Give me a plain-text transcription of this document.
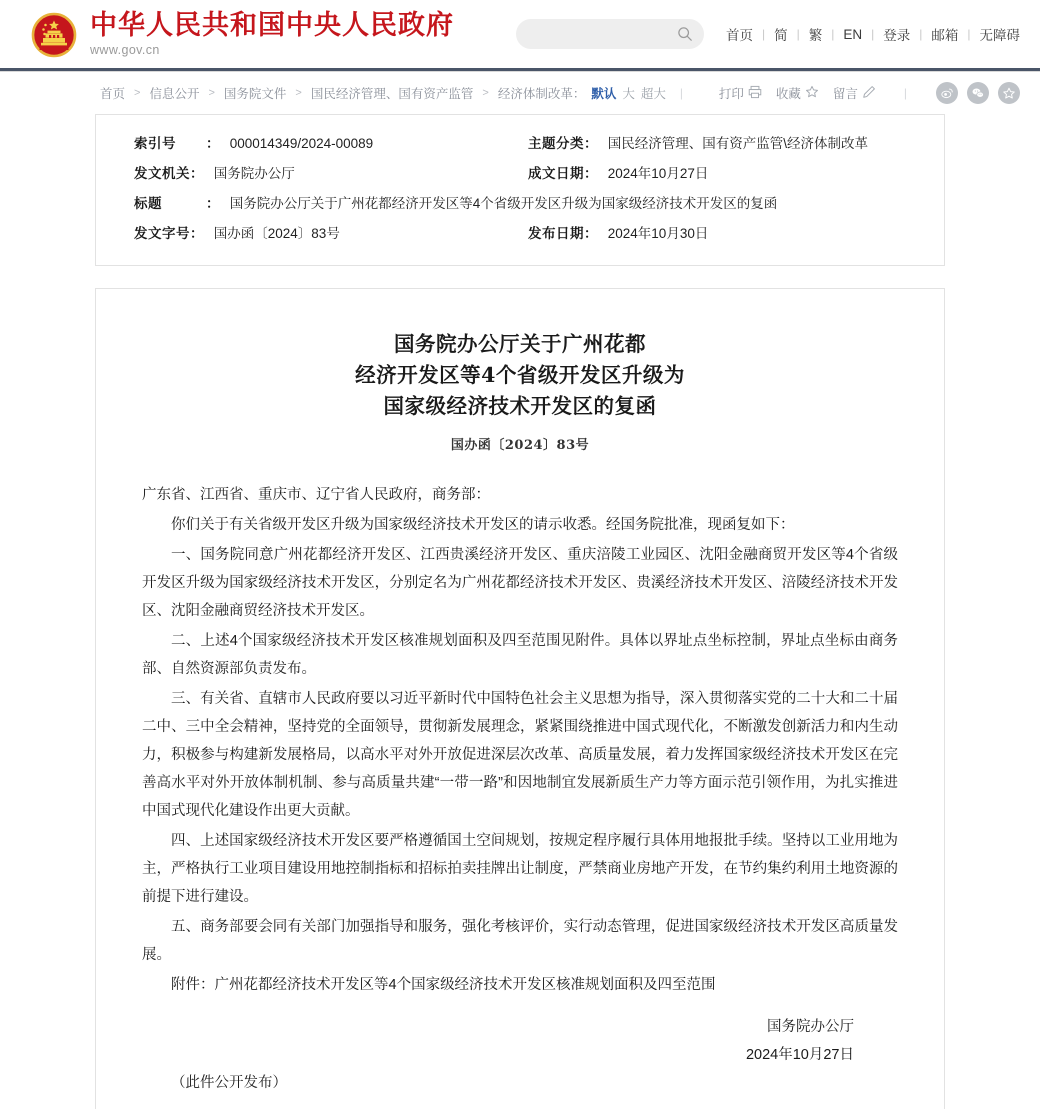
中华人民共和国中央人民政府
www.gov.cn
首页 | 简 | 繁 | EN | 登录 | 邮箱 | 无障碍
首页 > 信息公开 > 国务院文件 > 国民经济管理、国有资产监管 > 经济体制改革： 默认 大 超大 |	打印	收藏	留言	|
索引号 ： 000014349/2024-00089	主题分类： 国民经济管理、国有资产监管\经济体制改革
发文机关： 国务院办公厅	成文日期： 2024年10月27日
标题 ： 国务院办公厅关于广州花都经济开发区等4个省级开发区升级为国家级经济技术开发区的复函	
发文字号： 国办函〔2024〕83号	发布日期： 2024年10月30日
国务院办公厅关于广州花都
经济开发区等4个省级开发区升级为
国家级经济技术开发区的复函
国办函〔2024〕83号

广东省、江西省、重庆市、辽宁省人民政府，商务部：

你们关于有关省级开发区升级为国家级经济技术开发区的请示收悉。经国务院批准，现函复如下：

一、国务院同意广州花都经济开发区、江西贵溪经济开发区、重庆涪陵工业园区、沈阳金融商贸开发区等4个省级开发区升级为国家级经济技术开发区，分别定名为广州花都经济技术开发区、贵溪经济技术开发区、涪陵经济技术开发区、沈阳金融商贸经济技术开发区。

二、上述4个国家级经济技术开发区核准规划面积及四至范围见附件。具体以界址点坐标控制，界址点坐标由商务部、自然资源部负责发布。

三、有关省、直辖市人民政府要以习近平新时代中国特色社会主义思想为指导，深入贯彻落实党的二十大和二十届二中、三中全会精神，坚持党的全面领导，贯彻新发展理念，紧紧围绕推进中国式现代化，不断激发创新活力和内生动力，积极参与构建新发展格局，以高水平对外开放促进深层次改革、高质量发展，着力发挥国家级经济技术开发区在完善高水平对外开放体制机制、参与高质量共建“一带一路”和因地制宜发展新质生产力等方面示范引领作用，为扎实推进中国式现代化建设作出更大贡献。

四、上述国家级经济技术开发区要严格遵循国土空间规划，按规定程序履行具体用地报批手续。坚持以工业用地为主，严格执行工业项目建设用地控制指标和招标拍卖挂牌出让制度，严禁商业房地产开发，在节约集约利用土地资源的前提下进行建设。

五、商务部要会同有关部门加强指导和服务，强化考核评价，实行动态管理，促进国家级经济技术开发区高质量发展。

附件：广州花都经济技术开发区等4个国家级经济技术开发区核准规划面积及四至范围

国务院办公厅
2024年10月27日

（此件公开发布）
